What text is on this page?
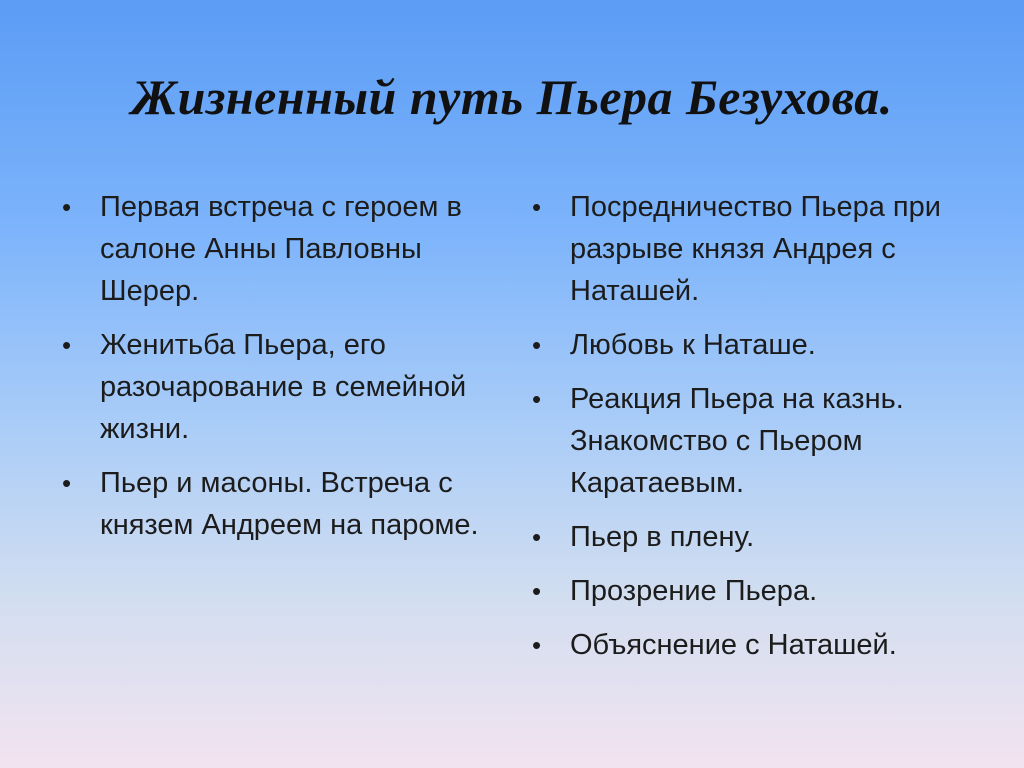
Жизненный путь Пьера Безухова.
• Первая встреча с героем в салоне Анны Павловны Шерер.
• Женитьба Пьера, его разочарование в семейной жизни.
• Пьер и масоны. Встреча с князем Андреем на пароме.
• Посредничество Пьера при разрыве князя Андрея с Наташей.
• Любовь к Наташе.
• Реакция Пьера на казнь. Знакомство с Пьером Каратаевым.
• Пьер в плену.
• Прозрение Пьера.
• Объяснение с Наташей.
